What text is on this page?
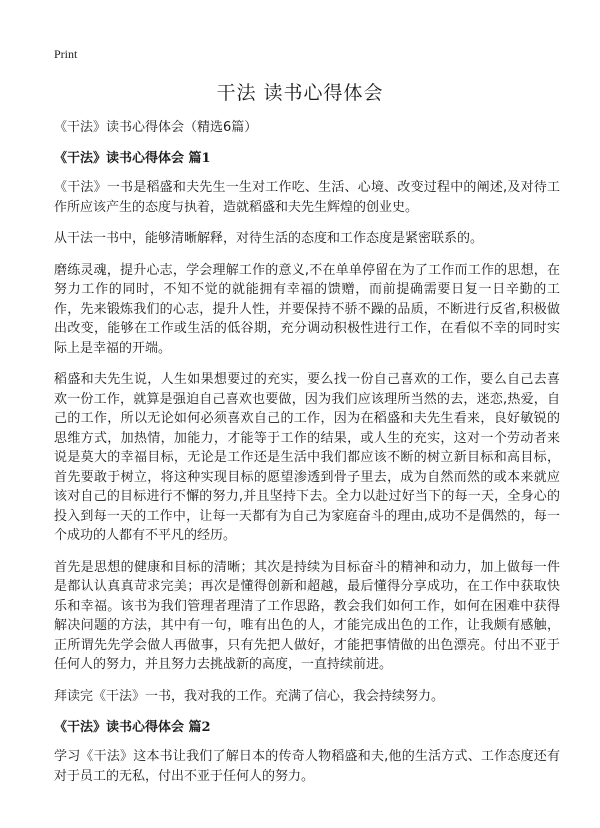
Print
干法 读书心得体会

《干法》读书心得体会（精选6篇）

《干法》读书心得体会 篇1

《干法》一书是稻盛和夫先生一生对工作吃、生活、心境、改变过程中的阐述,及对待工作所应该产生的态度与执着，造就稻盛和夫先生辉煌的创业史。

从干法一书中，能够清晰解释，对待生活的态度和工作态度是紧密联系的。

磨练灵魂，提升心志，学会理解工作的意义,不在单单停留在为了工作而工作的思想，在努力工作的同时，不知不觉的就能拥有幸福的馈赠，而前提确需要日复一日辛勤的工作，先来锻炼我们的心志，提升人性，并要保持不骄不躁的品质，不断进行反省,积极做出改变，能够在工作或生活的低谷期，充分调动积极性进行工作，在看似不幸的同时实际上是幸福的开端。

稻盛和夫先生说，人生如果想要过的充实，要么找一份自己喜欢的工作，要么自己去喜欢一份工作，就算是强迫自己喜欢也要做，因为我们应该理所当然的去，迷恋,热爱，自己的工作，所以无论如何必须喜欢自己的工作，因为在稻盛和夫先生看来，良好敏锐的思维方式，加热情，加能力，才能等于工作的结果，或人生的充实，这对一个劳动者来说是莫大的幸福目标，无论是工作还是生活中我们都应该不断的树立新目标和高目标，首先要敢于树立，将这种实现目标的愿望渗透到骨子里去，成为自然而然的或本来就应该对自己的目标进行不懈的努力,并且坚持下去。全力以赴过好当下的每一天，全身心的投入到每一天的工作中，让每一天都有为自己为家庭奋斗的理由,成功不是偶然的，每一个成功的人都有不平凡的经历。

首先是思想的健康和目标的清晰；其次是持续为目标奋斗的精神和动力，加上做每一件是都认认真真苛求完美；再次是懂得创新和超越，最后懂得分享成功，在工作中获取快乐和幸福。该书为我们管理者理清了工作思路，教会我们如何工作，如何在困难中获得解决问题的方法，其中有一句，唯有出色的人，才能完成出色的工作，让我颇有感触，正所谓先先学会做人再做事，只有先把人做好，才能把事情做的出色漂亮。付出不亚于任何人的努力，并且努力去挑战新的高度，一直持续前进。

拜读完《干法》一书，我对我的工作。充满了信心，我会持续努力。

《干法》读书心得体会 篇2

学习《干法》这本书让我们了解日本的传奇人物稻盛和夫,他的生活方式、工作态度还有对于员工的无私，付出不亚于任何人的努力。
